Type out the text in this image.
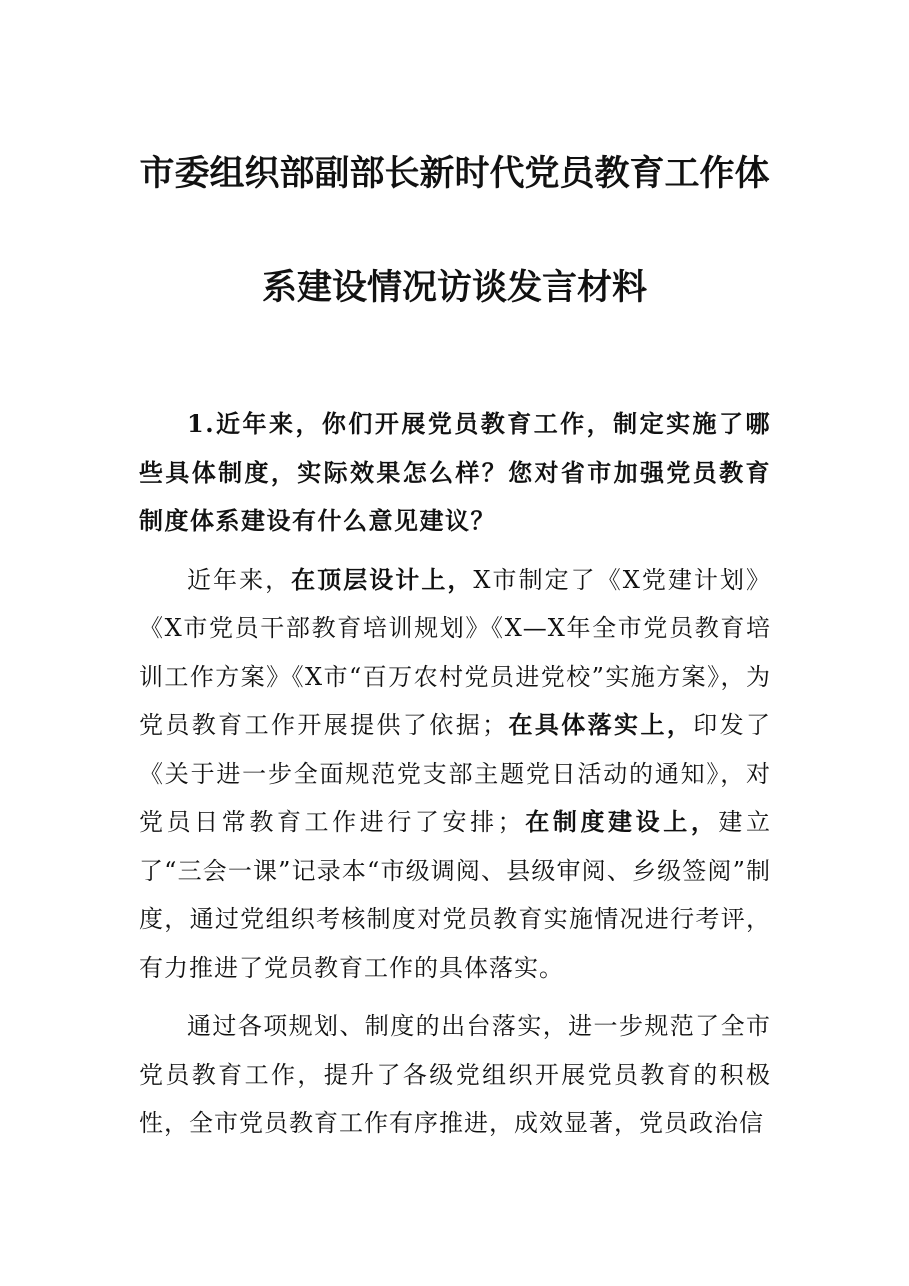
市委组织部副部长新时代党员教育工作体
系建设情况访谈发言材料

1.近年来，你们开展党员教育工作，制定实施了哪些具体制度，实际效果怎么样？您对省市加强党员教育制度体系建设有什么意见建议？

近年来，在顶层设计上，X市制定了《X党建计划》《X市党员干部教育培训规划》《X—X年全市党员教育培训工作方案》《X市“百万农村党员进党校”实施方案》，为党员教育工作开展提供了依据；在具体落实上，印发了《关于进一步全面规范党支部主题党日活动的通知》，对党员日常教育工作进行了安排；在制度建设上，建立了“三会一课”记录本“市级调阅、县级审阅、乡级签阅”制度，通过党组织考核制度对党员教育实施情况进行考评，有力推进了党员教育工作的具体落实。

通过各项规划、制度的出台落实，进一步规范了全市党员教育工作，提升了各级党组织开展党员教育的积极性，全市党员教育工作有序推进，成效显著，党员政治信
